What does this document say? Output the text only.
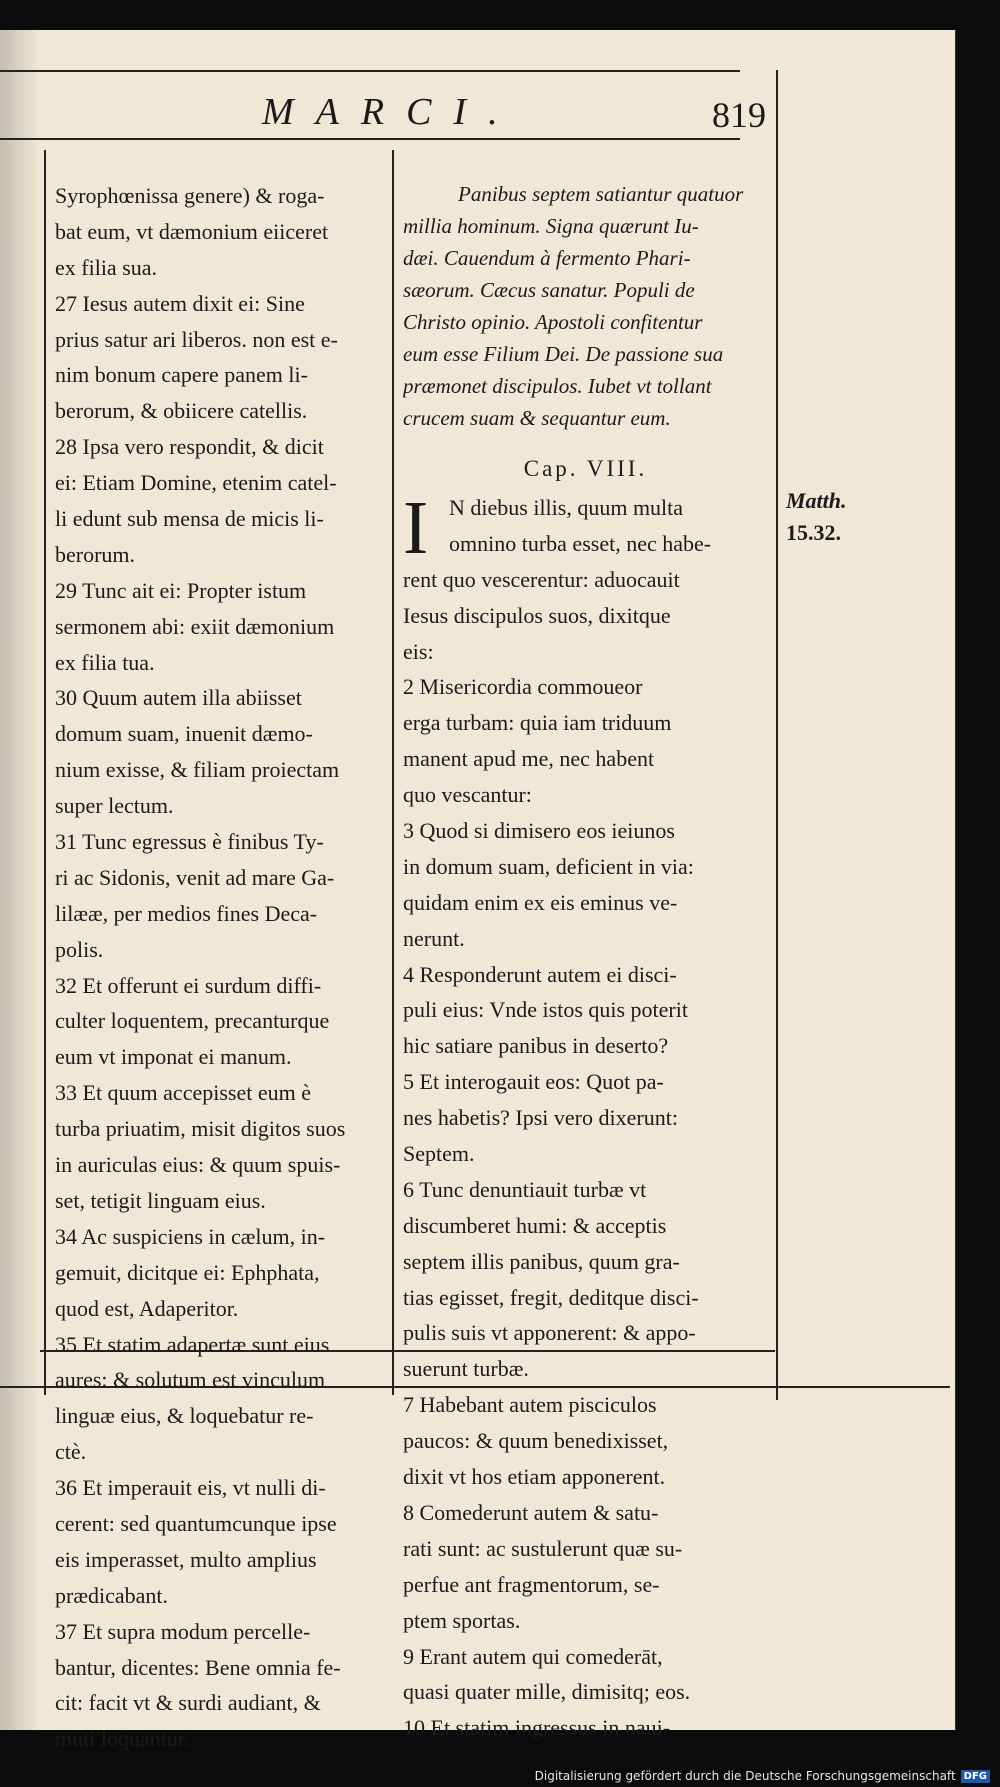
MARCI.	819
Syrophœnissa genere) & roga-
bat eum, vt dæmonium eiiceret
ex filia sua.
27 Iesus autem dixit ei: Sine
prius satur ari liberos. non est e-
nim bonum capere panem li-
berorum, & obiicere catellis.
28 Ipsa vero respondit, & dicit
ei: Etiam Domine, etenim catel-
li edunt sub mensa de micis li-
berorum.
29 Tunc ait ei: Propter istum
sermonem abi: exiit dæmonium
ex filia tua.
30 Quum autem illa abiisset
domum suam, inuenit dæmo-
nium exisse, & filiam proiectam
super lectum.
31 Tunc egressus è finibus Ty-
ri ac Sidonis, venit ad mare Ga-
lilææ, per medios fines Deca-
polis.
32 Et offerunt ei surdum diffi-
culter loquentem, precanturque
eum vt imponat ei manum.
33 Et quum accepisset eum è
turba priuatim, misit digitos suos
in auriculas eius: & quum spuis-
set, tetigit linguam eius.
34 Ac suspiciens in cælum, in-
gemuit, dicitque ei: Ephphata,
quod est, Adaperitor.
35 Et statim adapertæ sunt eius
aures: & solutum est vinculum
linguæ eius, & loquebatur re-
ctè.
36 Et imperauit eis, vt nulli di-
cerent: sed quantumcunque ipse
eis imperasset, multo amplius
prædicabant.
37 Et supra modum percelle-
bantur, dicentes: Bene omnia fe-
cit: facit vt & surdi audiant, &
muti loquantur.
Panibus septem satiantur quatuor
millia hominum. Signa quærunt Iu-
dæi. Cauendum à fermento Phari-
sæorum. Cæcus sanatur. Populi de
Christo opinio. Apostoli confitentur
eum esse Filium Dei. De passione sua
præmonet discipulos. Iubet vt tollant
crucem suam & sequantur eum.
Cap. VIII.
I N diebus illis, quum multa
omnino turba esset, nec habe-
rent quo vescerentur: aduocauit
Iesus discipulos suos, dixitque
eis:
2 Misericordia commoueor
erga turbam: quia iam triduum
manent apud me, nec habent
quo vescantur:
3 Quod si dimisero eos ieiunos
in domum suam, deficient in via:
quidam enim ex eis eminus ve-
nerunt.
4 Responderunt autem ei disci-
puli eius: Vnde istos quis poterit
hic satiare panibus in deserto?
5 Et interogauit eos: Quot pa-
nes habetis? Ipsi vero dixerunt:
Septem.
6 Tunc denuntiauit turbæ vt
discumberet humi: & acceptis
septem illis panibus, quum gra-
tias egisset, fregit, deditque disci-
pulis suis vt apponerent: & appo-
suerunt turbæ.
7 Habebant autem pisciculos
paucos: & quum benedixisset,
dixit vt hos etiam apponerent.
8 Comederunt autem & satu-
rati sunt: ac sustulerunt quæ su-
perfue ant fragmentorum, se-
ptem sportas.
9 Erant autem qui comederāt,
quasi quater mille, dimisitq; eos.
10 Et statim ingressus in naui-
Matth.
15.32.
Digitalisierung gefördert durch die Deutsche Forschungsgemeinschaft DFG
